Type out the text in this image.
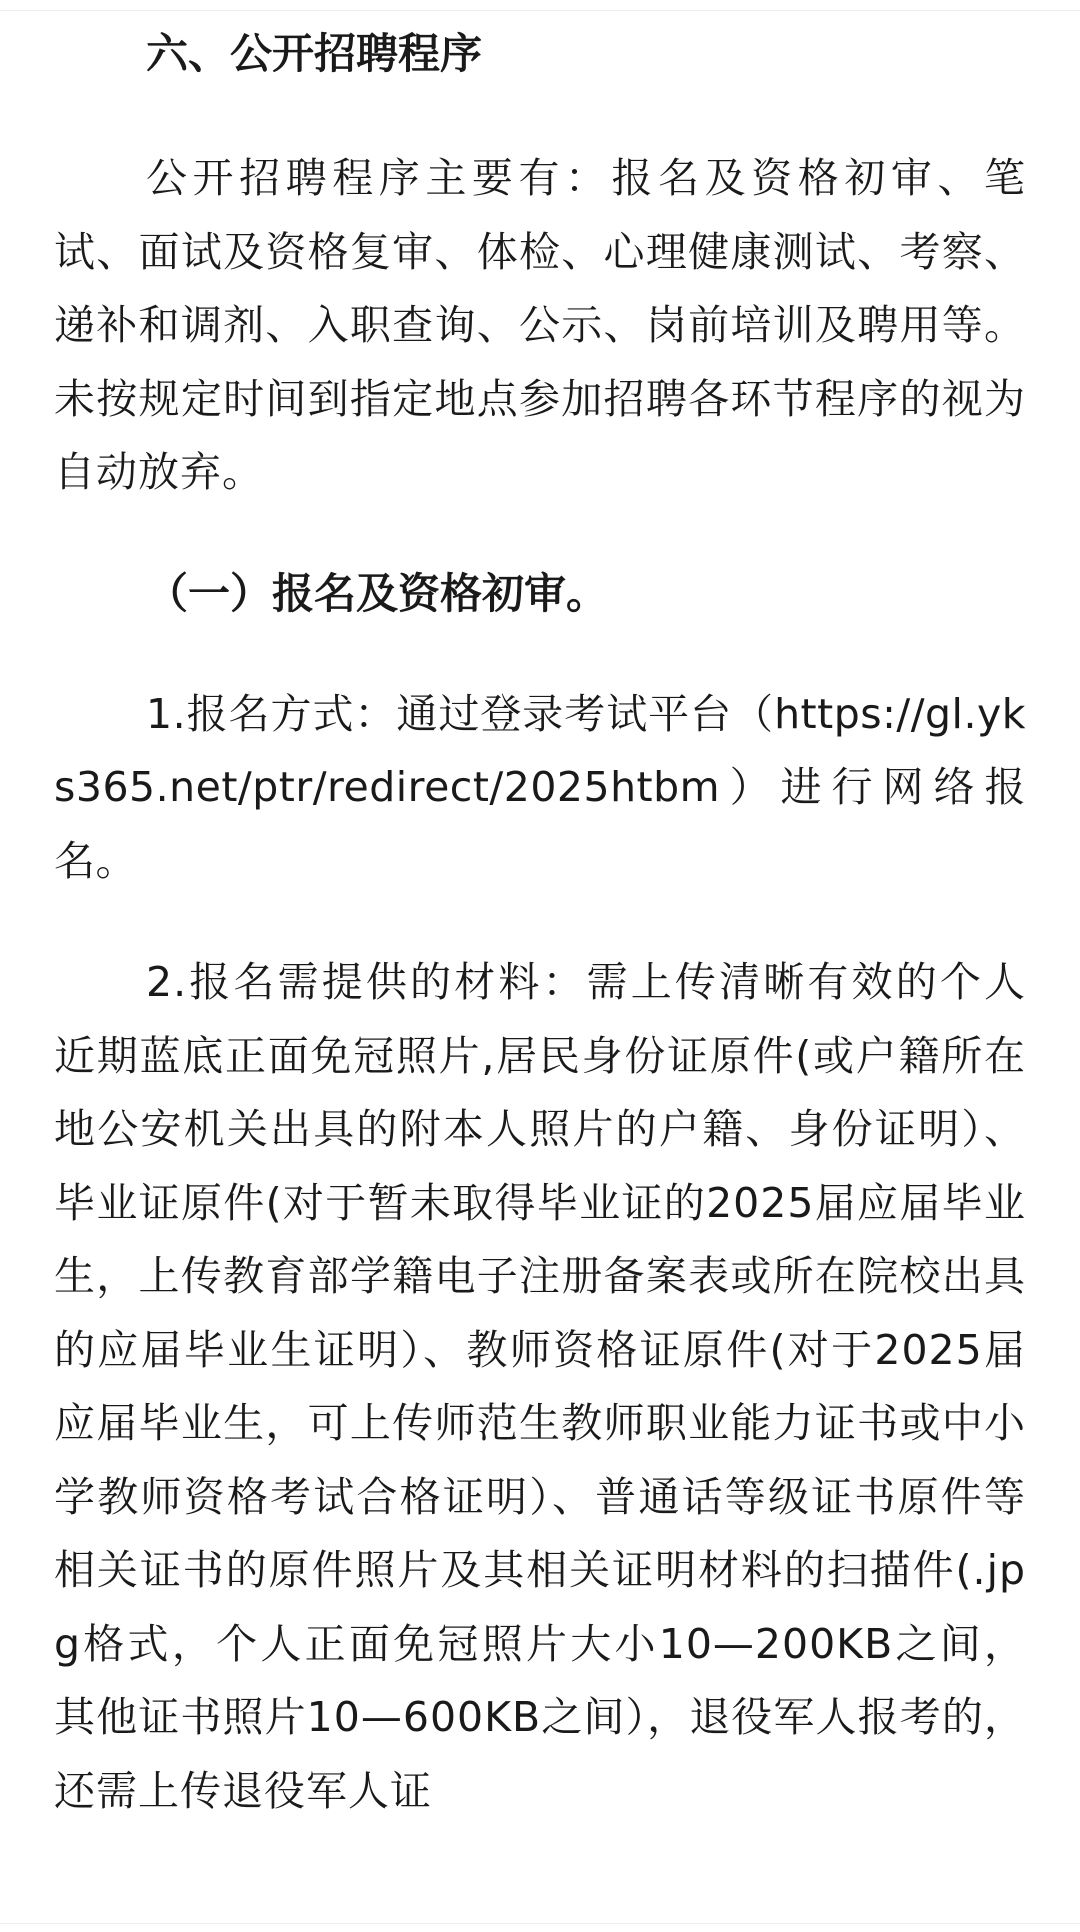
六、公开招聘程序

公开招聘程序主要有：报名及资格初审、笔试、面试及资格复审、体检、心理健康测试、考察、递补和调剂、入职查询、公示、岗前培训及聘用等。未按规定时间到指定地点参加招聘各环节程序的视为自动放弃。

（一）报名及资格初审。

1.报名方式：通过登录考试平台（https://gl.yks365.net/ptr/redirect/2025htbm）进行网络报名。

2.报名需提供的材料：需上传清晰有效的个人近期蓝底正面免冠照片,居民身份证原件(或户籍所在地公安机关出具的附本人照片的户籍、身份证明）、毕业证原件(对于暂未取得毕业证的2025届应届毕业生，上传教育部学籍电子注册备案表或所在院校出具的应届毕业生证明）、教师资格证原件(对于2025届应届毕业生，可上传师范生教师职业能力证书或中小学教师资格考试合格证明）、普通话等级证书原件等相关证书的原件照片及其相关证明材料的扫描件(.jpg格式，个人正面免冠照片大小10—200KB之间，其他证书照片10—600KB之间），退役军人报考的，还需上传退役军人证
